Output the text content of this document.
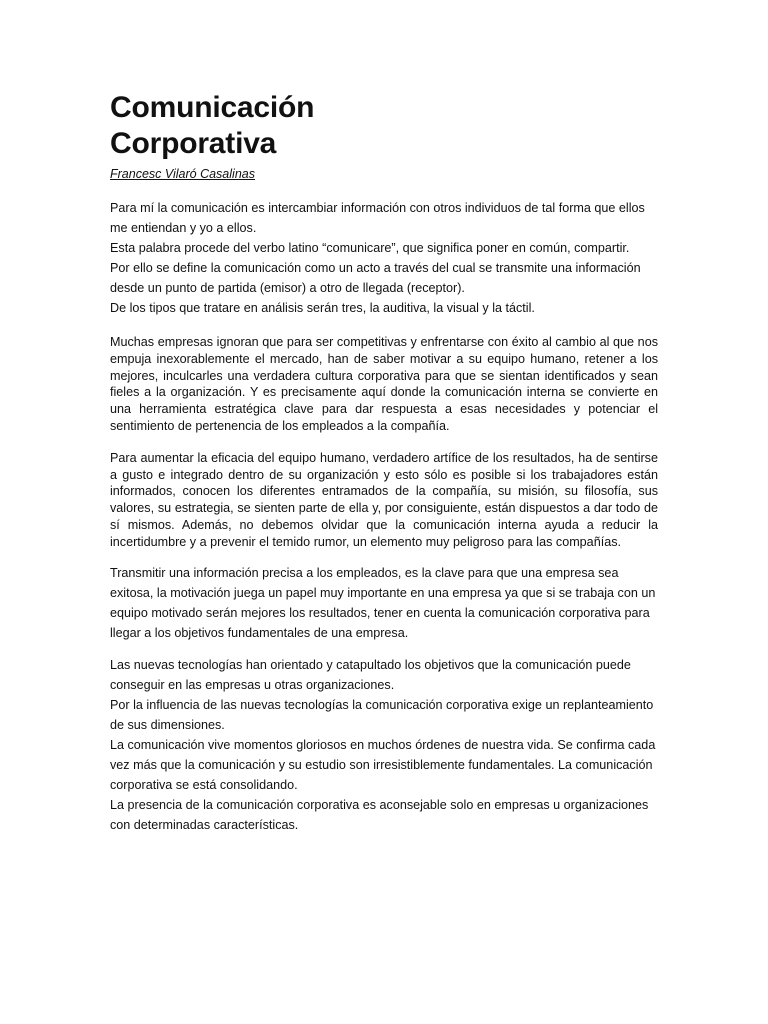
Comunicación
Corporativa
Francesc Vilaró Casalinas

Para mí la comunicación es intercambiar información con otros individuos de tal forma que ellos me entiendan y yo a ellos.

Esta palabra procede del verbo latino “comunicare”, que significa poner en común, compartir.

Por ello se define la comunicación como un acto a través del cual se transmite una información desde un punto de partida (emisor) a otro de llegada (receptor).

De los tipos que tratare en análisis serán tres, la auditiva, la visual y la táctil.

Muchas empresas ignoran que para ser competitivas y enfrentarse con éxito al cambio al que nos empuja inexorablemente el mercado, han de saber motivar a su equipo humano, retener a los mejores, inculcarles una verdadera cultura corporativa para que se sientan identificados y sean fieles a la organización. Y es precisamente aquí donde la comunicación interna se convierte en una herramienta estratégica clave para dar respuesta a esas necesidades y potenciar el sentimiento de pertenencia de los empleados a la compañía.

Para aumentar la eficacia del equipo humano, verdadero artífice de los resultados, ha de sentirse a gusto e integrado dentro de su organización y esto sólo es posible si los trabajadores están informados, conocen los diferentes entramados de la compañía, su misión, su filosofía, sus valores, su estrategia, se sienten parte de ella y, por consiguiente, están dispuestos a dar todo de sí mismos. Además, no debemos olvidar que la comunicación interna ayuda a reducir la incertidumbre y a prevenir el temido rumor, un elemento muy peligroso para las compañías.

Transmitir una información precisa a los empleados, es la clave para que una empresa sea exitosa, la motivación juega un papel muy importante en una empresa ya que si se trabaja con un equipo motivado serán mejores los resultados, tener en cuenta la comunicación corporativa para llegar a los objetivos fundamentales de una empresa.

Las nuevas tecnologías han orientado y catapultado los objetivos que la comunicación puede conseguir en las empresas u otras organizaciones.

Por la influencia de las nuevas tecnologías la comunicación corporativa exige un replanteamiento de sus dimensiones.

La comunicación vive momentos gloriosos en muchos órdenes de nuestra vida. Se confirma cada vez más que la comunicación y su estudio son irresistiblemente fundamentales. La comunicación corporativa se está consolidando.

La presencia de la comunicación corporativa es aconsejable solo en empresas u organizaciones con determinadas características.
